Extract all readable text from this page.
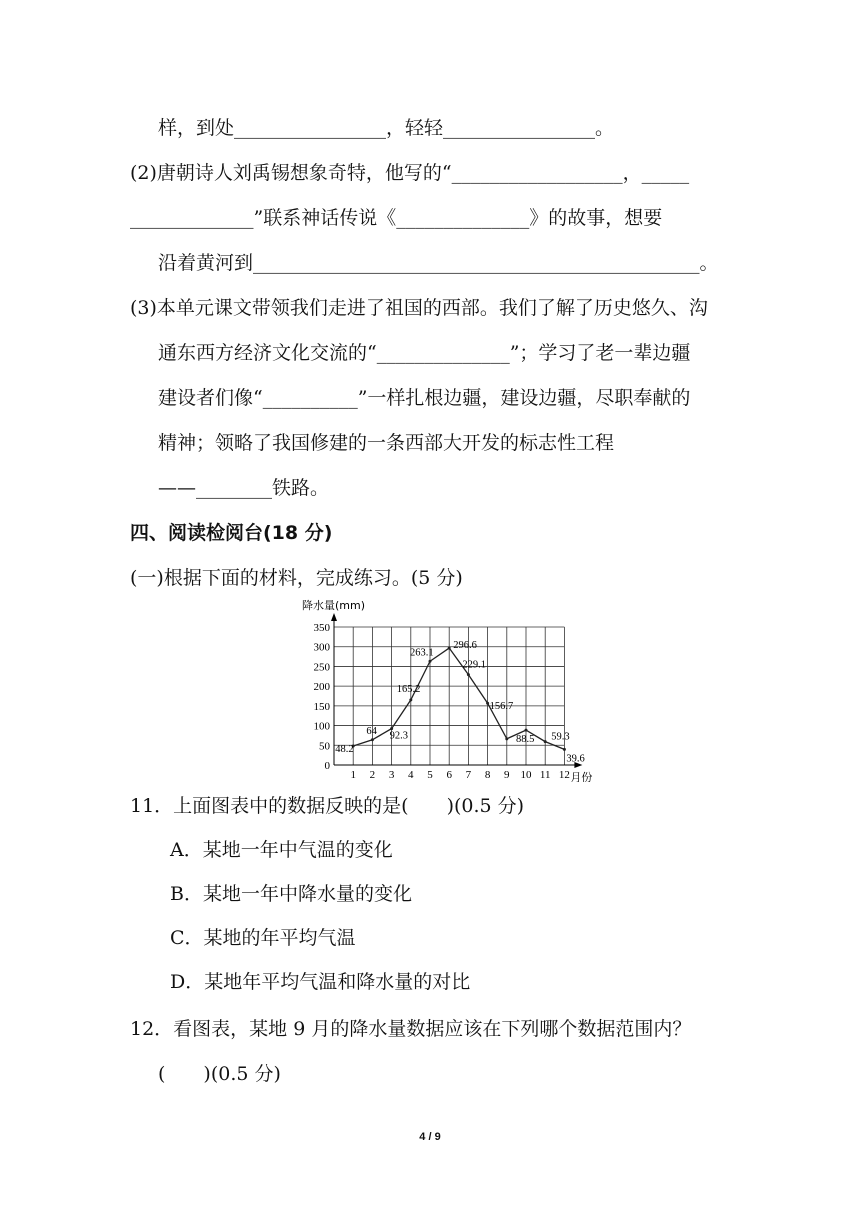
样，到处________________，轻轻________________。
(2)唐朝诗人刘禹锡想象奇特，他写的“__________________，_____
_____________”联系神话传说《______________》的故事，想要
沿着黄河到_______________________________________________。
(3)本单元课文带领我们走进了祖国的西部。我们了解了历史悠久、沟
通东西方经济文化交流的“______________”；学习了老一辈边疆
建设者们像“__________”一样扎根边疆，建设边疆，尽职奉献的
精神；领略了我国修建的一条西部大开发的标志性工程
——________铁路。
四、阅读检阅台(18 分)
(一)根据下面的材料，完成练习。(5 分)
0
50
100
150
200
250
300
350
降水量(mm)
月份
1 2 3 4 5 6 7 8 9 10 11 12
48.2
64 92.3
165.2
263.1
296.6
229.1
156.7
88.5 59.3
39.6
11．上面图表中的数据反映的是(　　)(0.5 分)
A．某地一年中气温的变化
B．某地一年中降水量的变化
C．某地的年平均气温
D．某地年平均气温和降水量的对比
12．看图表，某地 9 月的降水量数据应该在下列哪个数据范围内？
(　　)(0.5 分)
4 / 9
